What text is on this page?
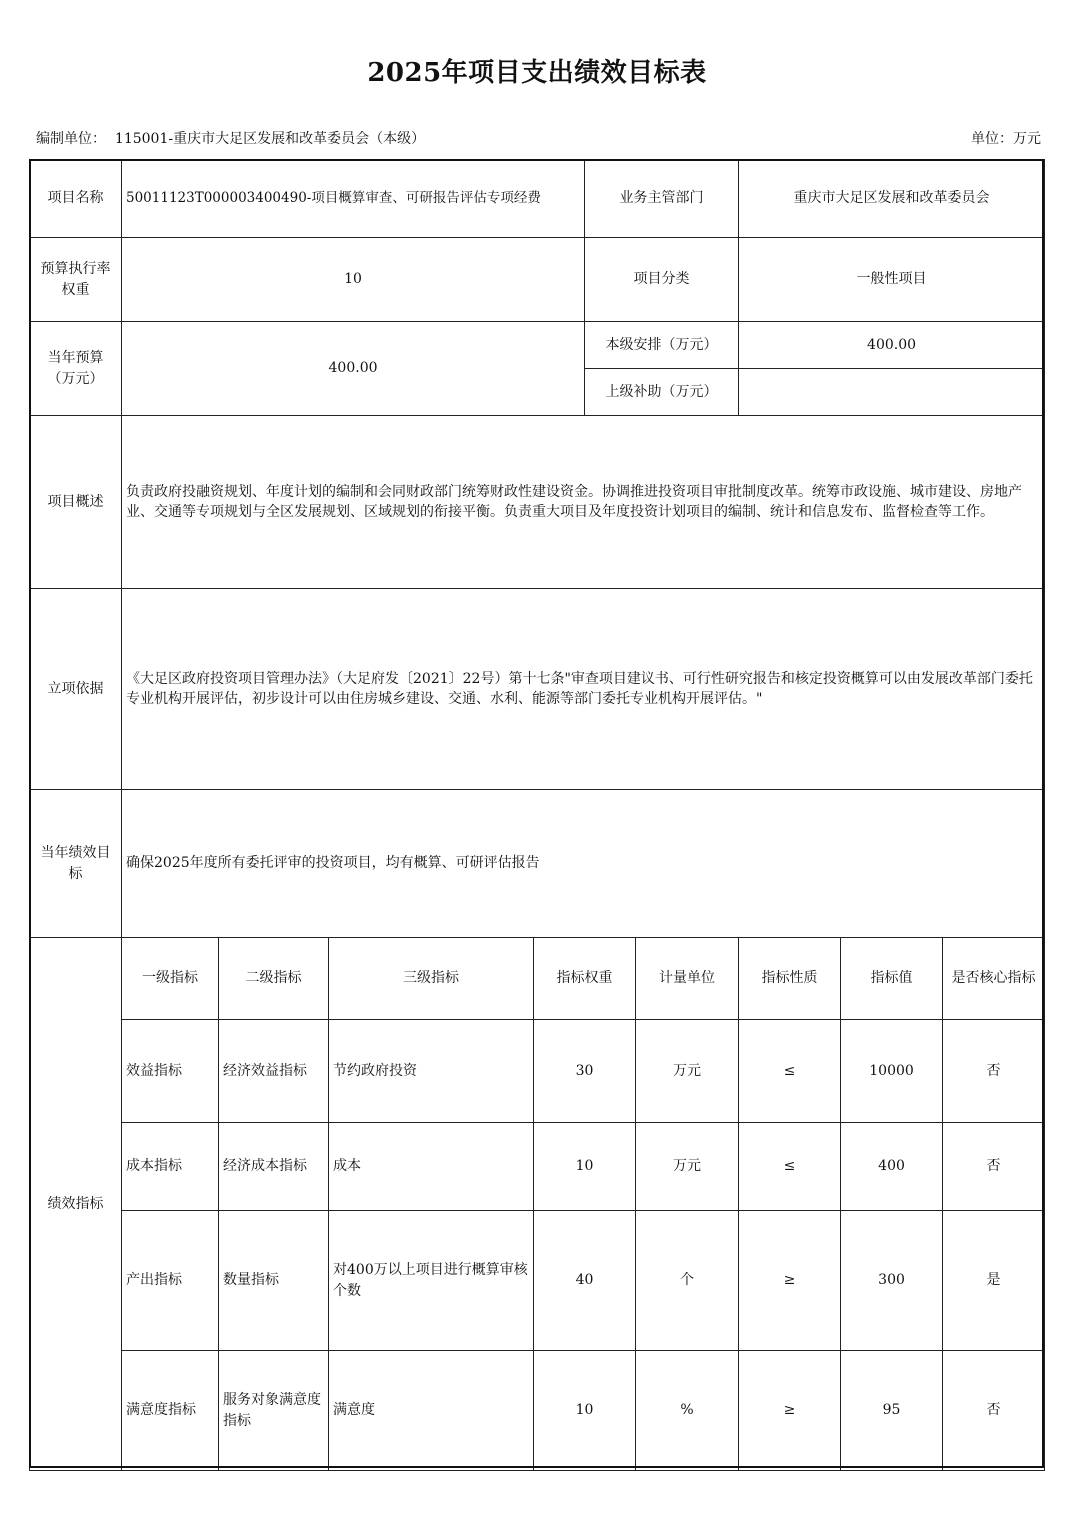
2025年项目支出绩效目标表
编制单位： 115001-重庆市大足区发展和改革委员会（本级）	单位：万元
项目名称	50011123T000003400490-项目概算审查、可研报告评估专项经费				业务主管部门		重庆市大足区发展和改革委员会		
预算执行率权重	10				项目分类		一般性项目		
当年预算（万元）	400.00				本级安排（万元）		400.00		
					上级补助（万元）				
项目概述	负责政府投融资规划、年度计划的编制和会同财政部门统筹财政性建设资金。协调推进投资项目审批制度改革。统筹市政设施、城市建设、房地产业、交通等专项规划与全区发展规划、区域规划的衔接平衡。负责重大项目及年度投资计划项目的编制、统计和信息发布、监督检查等工作。								
立项依据	《大足区政府投资项目管理办法》（大足府发〔2021〕22号）第十七条"审查项目建议书、可行性研究报告和核定投资概算可以由发展改革部门委托专业机构开展评估，初步设计可以由住房城乡建设、交通、水利、能源等部门委托专业机构开展评估。"								
当年绩效目标	确保2025年度所有委托评审的投资项目，均有概算、可研评估报告								
绩效指标	一级指标	二级指标	三级指标	指标权重		计量单位	指标性质	指标值	是否核心指标
	效益指标	经济效益指标	节约政府投资	30		万元	≤	10000	否
	成本指标	经济成本指标	成本	10		万元	≤	400	否
	产出指标	数量指标	对400万以上项目进行概算审核个数	40		个	≥	300	是
	满意度指标	服务对象满意度指标	满意度	10		%	≥	95	否
